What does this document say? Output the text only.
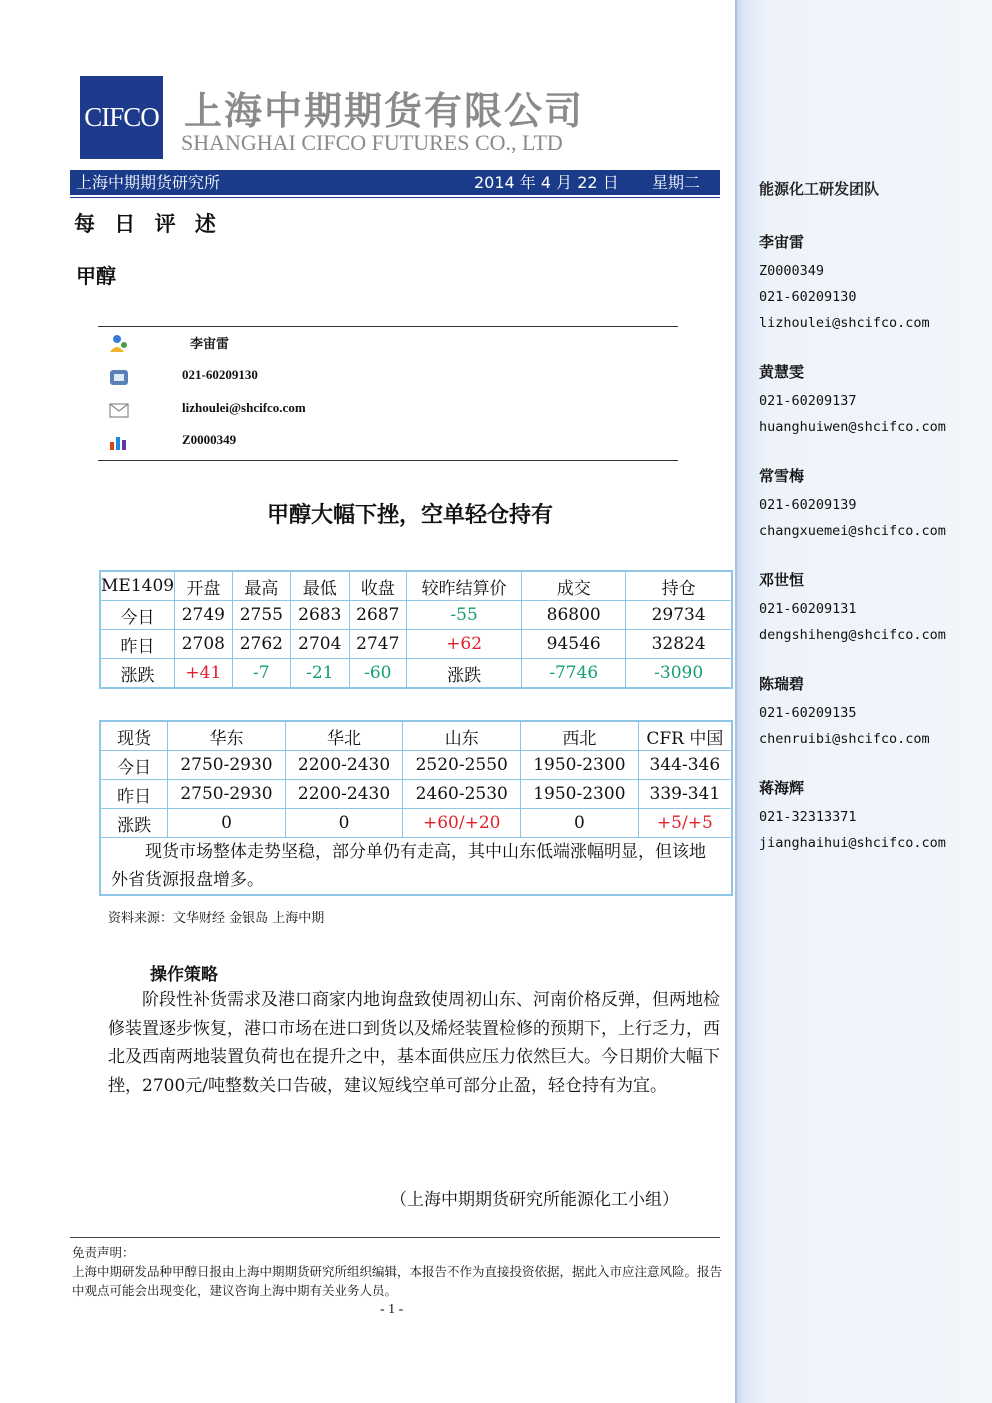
能源化工研发团队
李宙雷
Z0000349
021-60209130
lizhoulei@shcifco.com
黄慧雯
021-60209137
huanghuiwen@shcifco.com
常雪梅
021-60209139
changxuemei@shcifco.com
邓世恒
021-60209131
dengshiheng@shcifco.com
陈瑞碧
021-60209135
chenruibi@shcifco.com
蒋海辉
021-32313371
jianghaihui@shcifco.com
CIFCO 上海中期期货有限公司
SHANGHAI CIFCO FUTURES CO., LTD
上海中期期货研究所	2014 年 4 月 22 日 星期二
每 日 评 述
甲醇
李宙雷
021-60209130
lizhoulei@shcifco.com
Z0000349
甲醇大幅下挫，空单轻仓持有
ME1409	开盘	最高	最低	收盘	较昨结算价	成交	持仓
今日	2749	2755	2683	2687	-55	86800	29734
昨日	2708	2762	2704	2747	+62	94546	32824
涨跌	+41	-7	-21	-60	涨跌	-7746	-3090
现货	华东	华北	山东	西北	CFR 中国
今日	2750-2930	2200-2430	2520-2550	1950-2300	344-346
昨日	2750-2930	2200-2430	2460-2530	1950-2300	339-341
涨跌	0	0	+60/+20	0	+5/+5
现货市场整体走势坚稳，部分单仍有走高，其中山东低端涨幅明显，但该地外省货源报盘增多。					
资料来源：文华财经 金银岛 上海中期
操作策略
阶段性补货需求及港口商家内地询盘致使周初山东、河南价格反弹，但两地检修装置逐步恢复，港口市场在进口到货以及烯烃装置检修的预期下，上行乏力，西北及西南两地装置负荷也在提升之中，基本面供应压力依然巨大。今日期价大幅下挫，2700元/吨整数关口告破，建议短线空单可部分止盈，轻仓持有为宜。
（上海中期期货研究所能源化工小组）
免责声明：
上海中期研发品种甲醇日报由上海中期期货研究所组织编辑，本报告不作为直接投资依据，据此入市应注意风险。报告中观点可能会出现变化，建议咨询上海中期有关业务人员。
- 1 -
